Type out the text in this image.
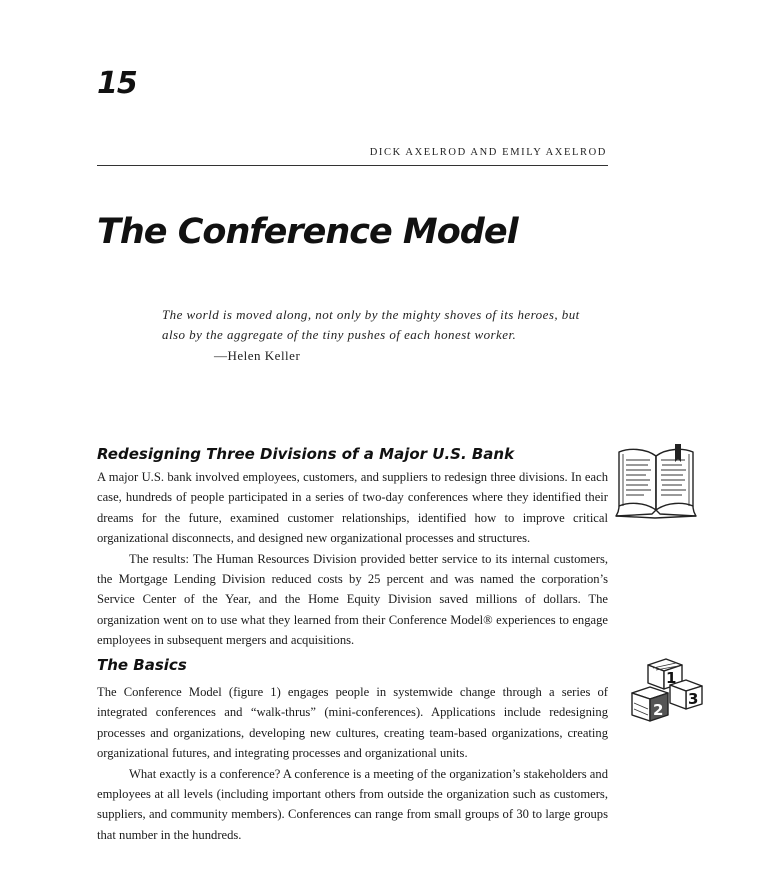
15
DICK AXELROD AND EMILY AXELROD
The Conference Model

The world is moved along, not only by the mighty shoves of its heroes, but

also by the aggregate of the tiny pushes of each honest worker.

—Helen Keller
Redesigning Three Divisions of a Major U.S. Bank

A major U.S. bank involved employees, customers, and suppliers to redesign three divisions. In each case, hundreds of people participated in a series of two-day conferences where they identified their dreams for the future, examined customer relationships, identified how to improve critical organizational disconnects, and designed new organizational processes and structures.

The results: The Human Resources Division provided better service to its internal customers, the Mortgage Lending Division reduced costs by 25 percent and was named the corporation’s Service Center of the Year, and the Home Equity Division saved millions of dollars. The organization went on to use what they learned from their Conference Model® experiences to engage employees in subsequent mergers and acquisitions.

The Basics

The Conference Model (figure 1) engages people in systemwide change through a series of integrated conferences and “walk-thrus” (mini-conferences). Applications include redesigning processes and organizations, developing new cultures, creating team-based organizations, creating organizational futures, and integrating processes and organizational units.

What exactly is a conference? A conference is a meeting of the organization’s stakeholders and employees at all levels (including important others from outside the organization such as customers, suppliers, and community members). Conferences can range from small groups of 30 to large groups that number in the hundreds.

1
2
3
